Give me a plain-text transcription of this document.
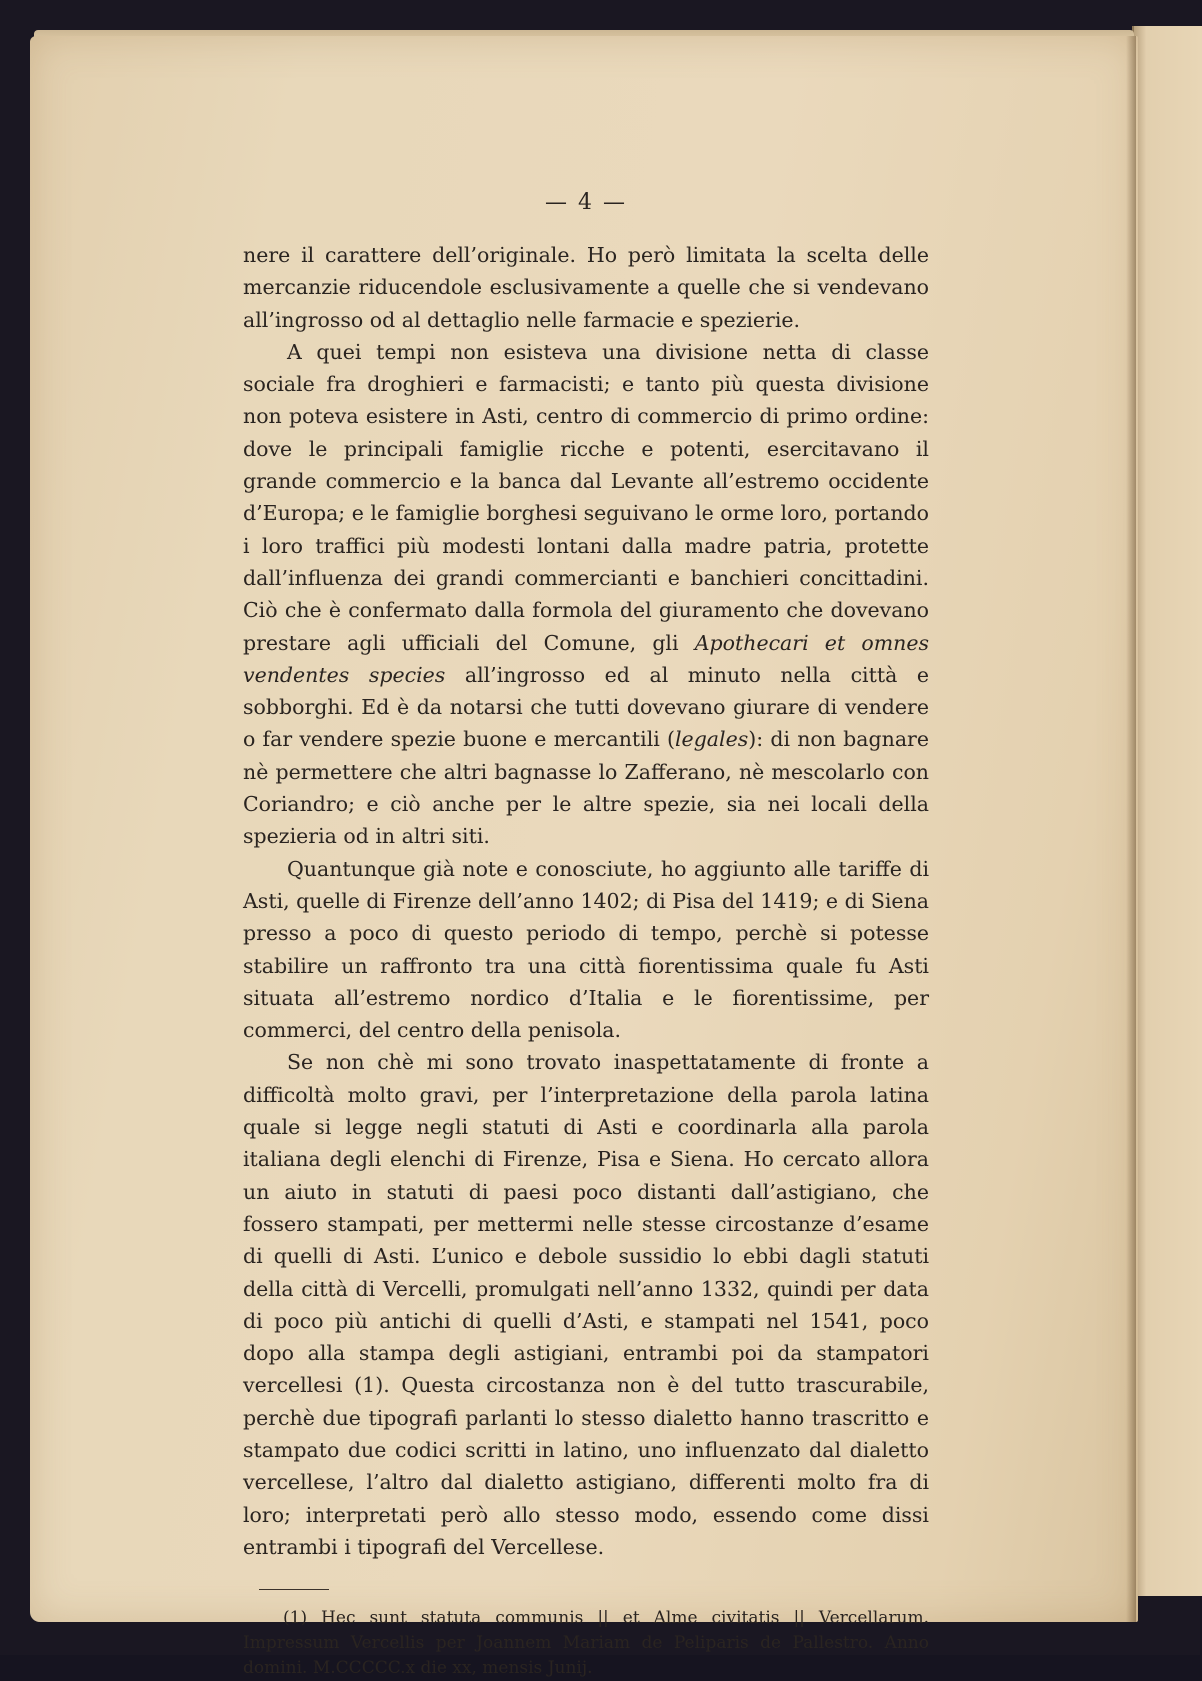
— 4 —

nere il carattere dell’originale. Ho però limitata la scelta delle mercanzie riducendole esclusivamente a quelle che si vendevano all’ingrosso od al dettaglio nelle farmacie e spezierie.

A quei tempi non esisteva una divisione netta di classe sociale fra droghieri e farmacisti; e tanto più questa divisione non poteva esistere in Asti, centro di commercio di primo ordine: dove le principali famiglie ricche e potenti, esercitavano il grande commercio e la banca dal Levante all’estremo occidente d’Europa; e le famiglie borghesi seguivano le orme loro, portando i loro traffici più modesti lontani dalla madre patria, protette dall’influenza dei grandi commercianti e banchieri concittadini. Ciò che è confermato dalla formola del giuramento che dovevano prestare agli ufficiali del Comune, gli Apothecari et omnes vendentes species all’ingrosso ed al minuto nella città e sobborghi. Ed è da notarsi che tutti dovevano giurare di vendere o far vendere spezie buone e mercantili (legales): di non bagnare nè permettere che altri bagnasse lo Zafferano, nè mescolarlo con Coriandro; e ciò anche per le altre spezie, sia nei locali della spezieria od in altri siti.

Quantunque già note e conosciute, ho aggiunto alle tariffe di Asti, quelle di Firenze dell’anno 1402; di Pisa del 1419; e di Siena presso a poco di questo periodo di tempo, perchè si potesse stabilire un raffronto tra una città fiorentissima quale fu Asti situata all’estremo nordico d’Italia e le fiorentissime, per commerci, del centro della penisola.

Se non chè mi sono trovato inaspettatamente di fronte a difficoltà molto gravi, per l’interpretazione della parola latina quale si legge negli statuti di Asti e coordinarla alla parola italiana degli elenchi di Firenze, Pisa e Siena. Ho cercato allora un aiuto in statuti di paesi poco distanti dall’astigiano, che fossero stampati, per mettermi nelle stesse circostanze d’esame di quelli di Asti. L’unico e debole sussidio lo ebbi dagli statuti della città di Vercelli, promulgati nell’anno 1332, quindi per data di poco più antichi di quelli d’Asti, e stampati nel 1541, poco dopo alla stampa degli astigiani, entrambi poi da stampatori vercellesi (1). Questa circostanza non è del tutto trascurabile, perchè due tipografi parlanti lo stesso dialetto hanno trascritto e stampato due codici scritti in latino, uno influenzato dal dialetto vercellese, l’altro dal dialetto astigiano, differenti molto fra di loro; interpretati però allo stesso modo, essendo come dissi entrambi i tipografi del Vercellese.

(1) Hec sunt statuta communis || et Alme civitatis || Vercellarum. Impressum Vercellis per Joannem Mariam de Peliparis de Pallestro. Anno domini. M.CCCCC.x die xx, mensis Junij.
